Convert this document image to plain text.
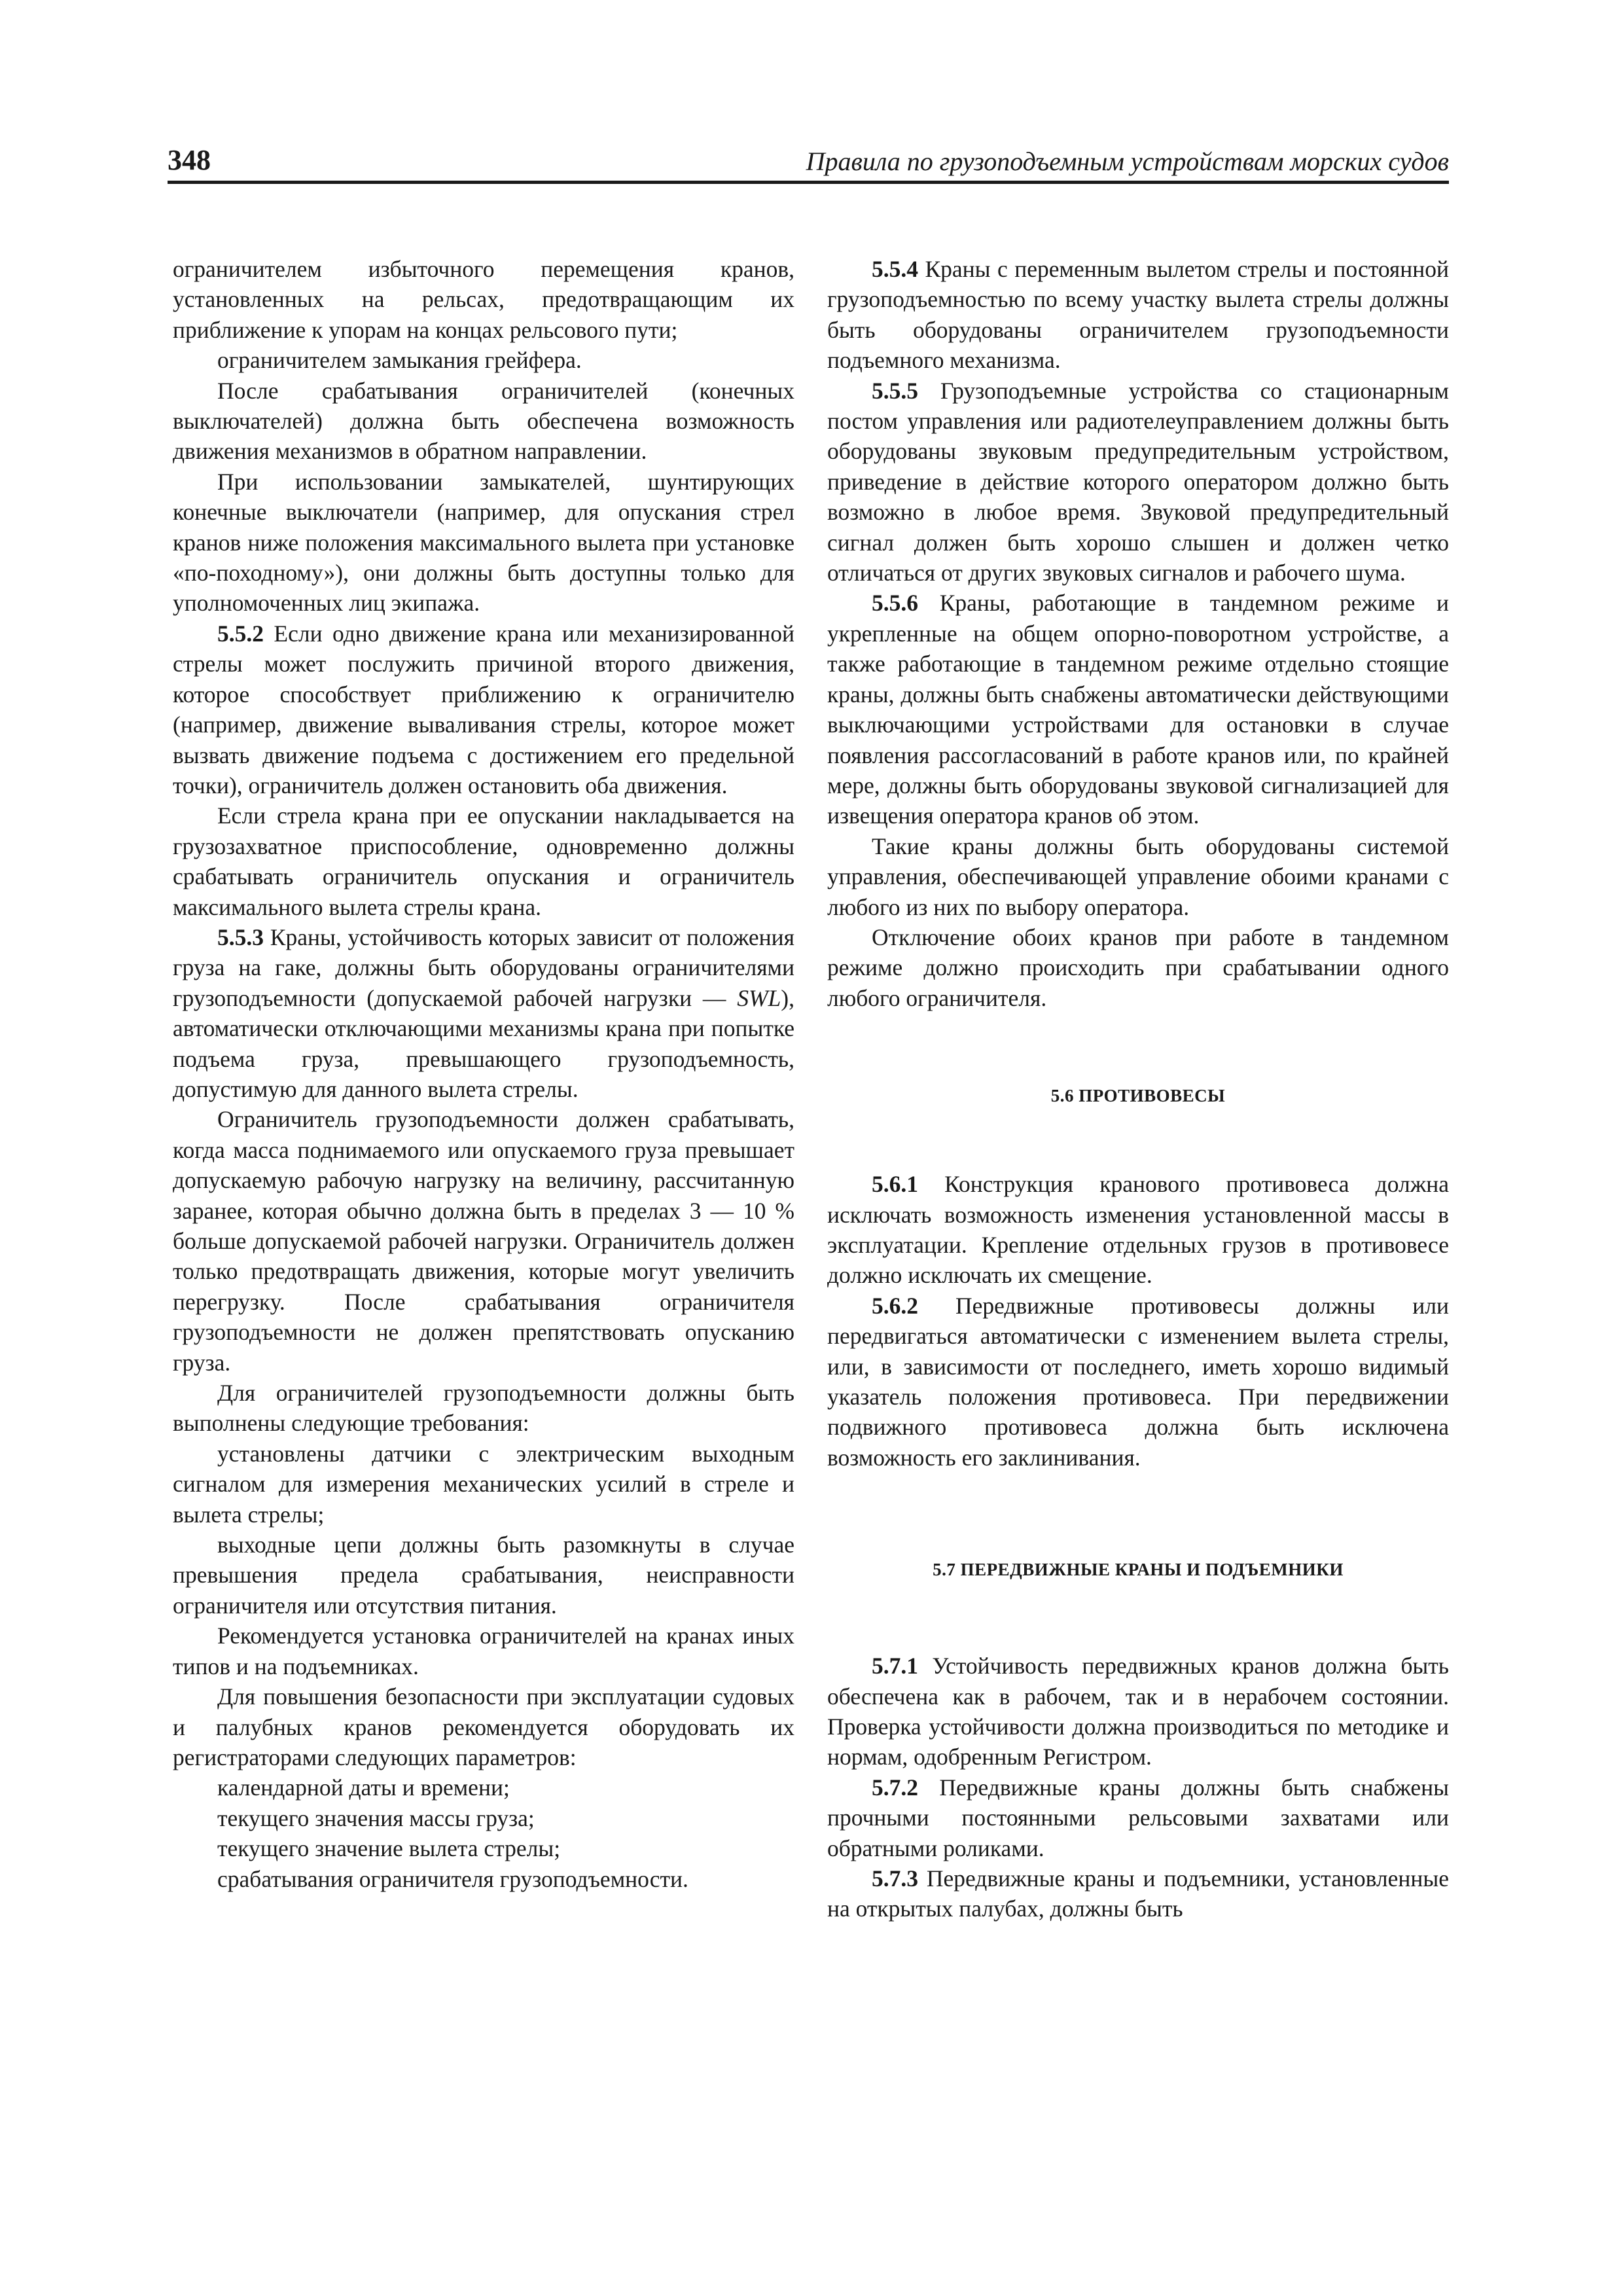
348	Правила по грузоподъемным устройствам морских судов

ограничителем избыточного перемещения кранов, установленных на рельсах, предотвращающим их приближение к упорам на концах рельсового пути;

ограничителем замыкания грейфера.

После срабатывания ограничителей (конечных выключателей) должна быть обеспечена возможность движения механизмов в обратном направлении.

При использовании замыкателей, шунтирующих конечные выключатели (например, для опускания стрел кранов ниже положения максимального вылета при установке «по-походному»), они должны быть доступны только для уполномоченных лиц экипажа.

5.5.2 Если одно движение крана или механизированной стрелы может послужить причиной второго движения, которое способствует приближению к ограничителю (например, движение вываливания стрелы, которое может вызвать движение подъема с достижением его предельной точки), ограничитель должен остановить оба движения.

Если стрела крана при ее опускании накладывается на грузозахватное приспособление, одновременно должны срабатывать ограничитель опускания и ограничитель максимального вылета стрелы крана.

5.5.3 Краны, устойчивость которых зависит от положения груза на гаке, должны быть оборудованы ограничителями грузоподъемности (допускаемой рабочей нагрузки — SWL), автоматически отключающими механизмы крана при попытке подъема груза, превышающего грузоподъемность, допустимую для данного вылета стрелы.

Ограничитель грузоподъемности должен срабатывать, когда масса поднимаемого или опускаемого груза превышает допускаемую рабочую нагрузку на величину, рассчитанную заранее, которая обычно должна быть в пределах 3 — 10 % больше допускаемой рабочей нагрузки. Ограничитель должен только предотвращать движения, которые могут увеличить перегрузку. После срабатывания ограничителя грузоподъемности не должен препятствовать опусканию груза.

Для ограничителей грузоподъемности должны быть выполнены следующие требования:

установлены датчики с электрическим выходным сигналом для измерения механических усилий в стреле и вылета стрелы;

выходные цепи должны быть разомкнуты в случае превышения предела срабатывания, неисправности ограничителя или отсутствия питания.

Рекомендуется установка ограничителей на кранах иных типов и на подъемниках.

Для повышения безопасности при эксплуатации судовых и палубных кранов рекомендуется оборудовать их регистраторами следующих параметров:

календарной даты и времени;

текущего значения массы груза;

текущего значение вылета стрелы;

срабатывания ограничителя грузоподъемности.

5.5.4 Краны с переменным вылетом стрелы и постоянной грузоподъемностью по всему участку вылета стрелы должны быть оборудованы ограничителем грузоподъемности подъемного механизма.

5.5.5 Грузоподъемные устройства со стационарным постом управления или радиотелеуправлением должны быть оборудованы звуковым предупредительным устройством, приведение в действие которого оператором должно быть возможно в любое время. Звуковой предупредительный сигнал должен быть хорошо слышен и должен четко отличаться от других звуковых сигналов и рабочего шума.

5.5.6 Краны, работающие в тандемном режиме и укрепленные на общем опорно-поворотном устройстве, а также работающие в тандемном режиме отдельно стоящие краны, должны быть снабжены автоматически действующими выключающими устройствами для остановки в случае появления рассогласований в работе кранов или, по крайней мере, должны быть оборудованы звуковой сигнализацией для извещения оператора кранов об этом.

Такие краны должны быть оборудованы системой управления, обеспечивающей управление обоими кранами с любого из них по выбору оператора.

Отключение обоих кранов при работе в тандемном режиме должно происходить при срабатывании одного любого ограничителя.

5.6 ПРОТИВОВЕСЫ

5.6.1 Конструкция кранового противовеса должна исключать возможность изменения установленной массы в эксплуатации. Крепление отдельных грузов в противовесе должно исключать их смещение.

5.6.2 Передвижные противовесы должны или передвигаться автоматически с изменением вылета стрелы, или, в зависимости от последнего, иметь хорошо видимый указатель положения противовеса. При передвижении подвижного противовеса должна быть исключена возможность его заклинивания.

5.7 ПЕРЕДВИЖНЫЕ КРАНЫ И ПОДЪЕМНИКИ

5.7.1 Устойчивость передвижных кранов должна быть обеспечена как в рабочем, так и в нерабочем состоянии. Проверка устойчивости должна производиться по методике и нормам, одобренным Регистром.

5.7.2 Передвижные краны должны быть снабжены прочными постоянными рельсовыми захватами или обратными роликами.

5.7.3 Передвижные краны и подъемники, установленные на открытых палубах, должны быть
